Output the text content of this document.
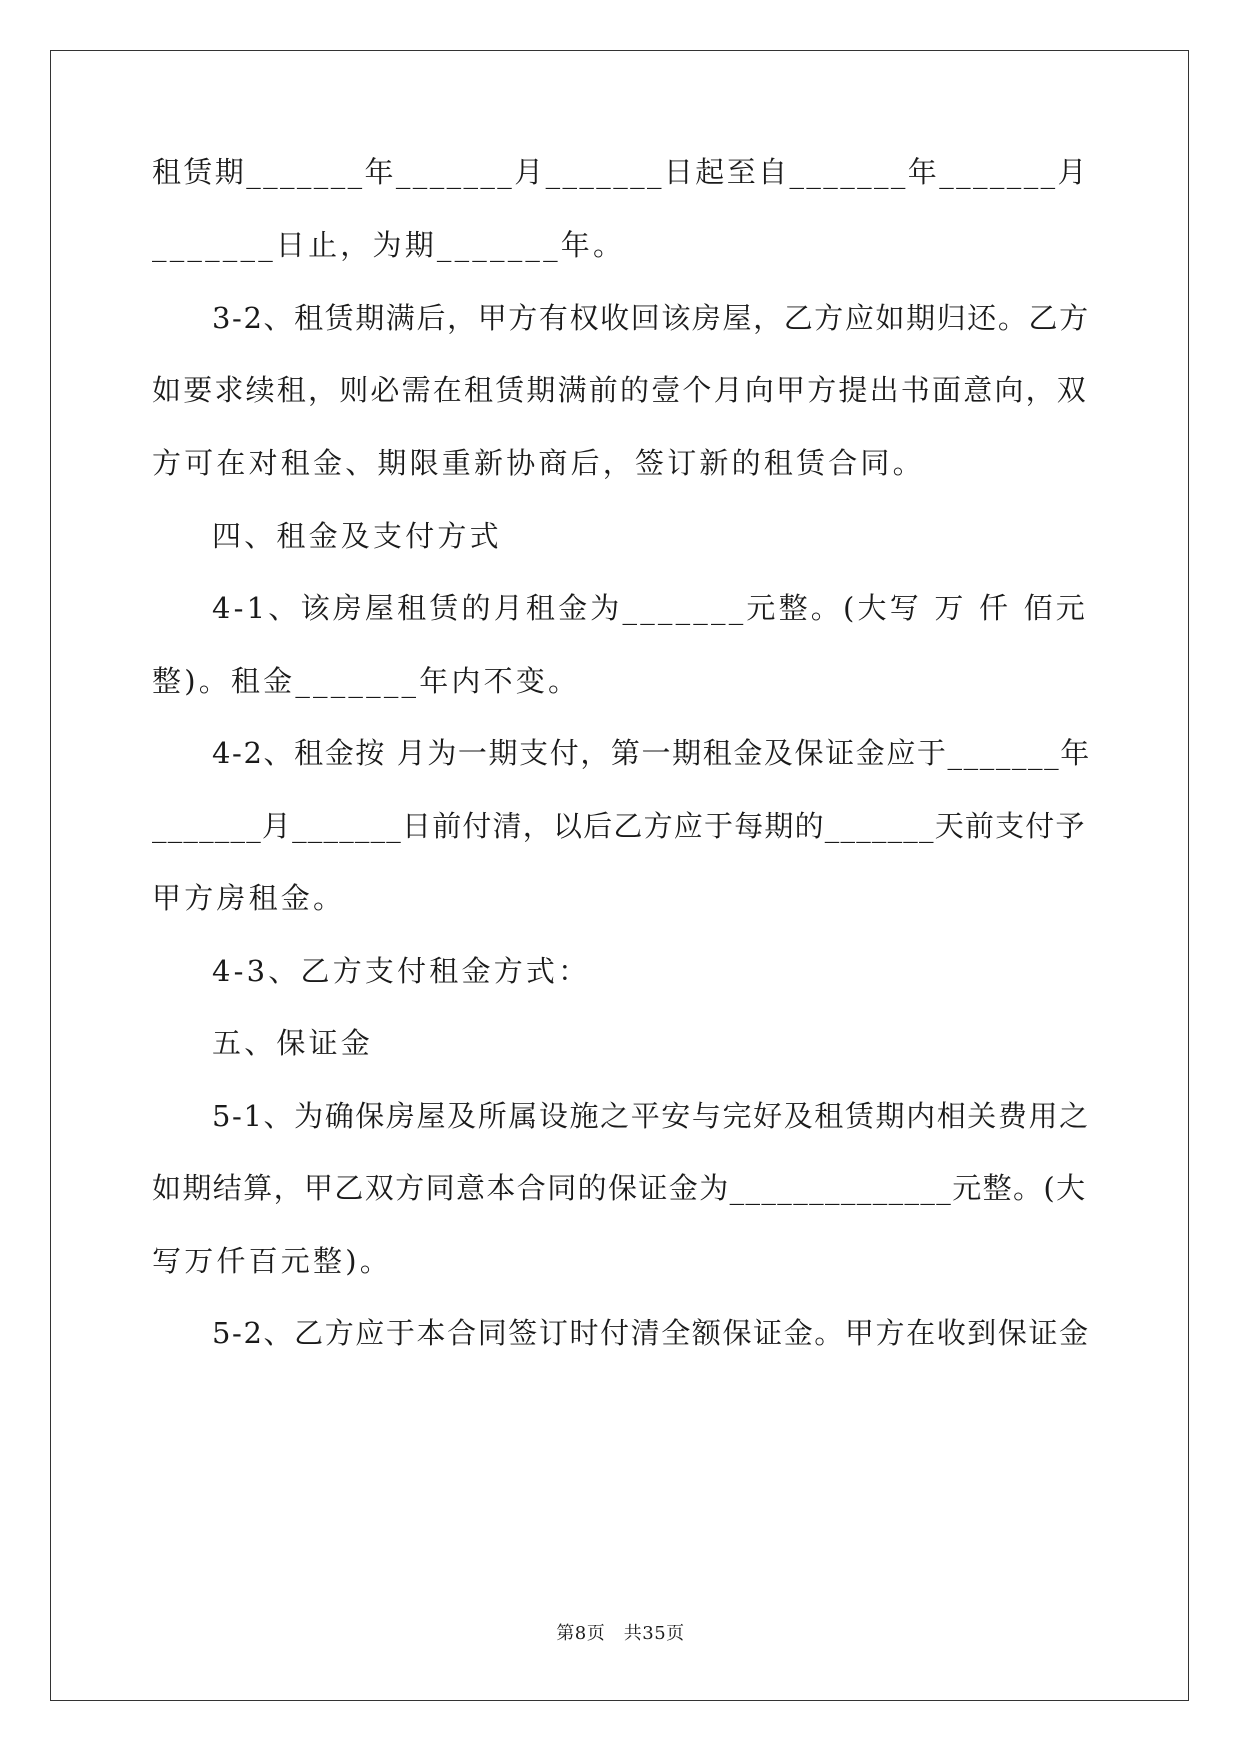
租赁期_______年_______月_______日起至自_______年_______月
_______日止，为期_______年。
3-2、租赁期满后，甲方有权收回该房屋，乙方应如期归还。乙方
如要求续租，则必需在租赁期满前的壹个月向甲方提出书面意向，双
方可在对租金、期限重新协商后，签订新的租赁合同。
四、租金及支付方式
4-1、该房屋租赁的月租金为_______元整。(大写 万 仟 佰元
整)。租金_______年内不变。
4-2、租金按 月为一期支付，第一期租金及保证金应于_______年
_______月_______日前付清，以后乙方应于每期的_______天前支付予
甲方房租金。
4-3、乙方支付租金方式：
五、保证金
5-1、为确保房屋及所属设施之平安与完好及租赁期内相关费用之
如期结算，甲乙双方同意本合同的保证金为______________元整。(大
写万仟百元整)。
5-2、乙方应于本合同签订时付清全额保证金。甲方在收到保证金
第8页　共35页
